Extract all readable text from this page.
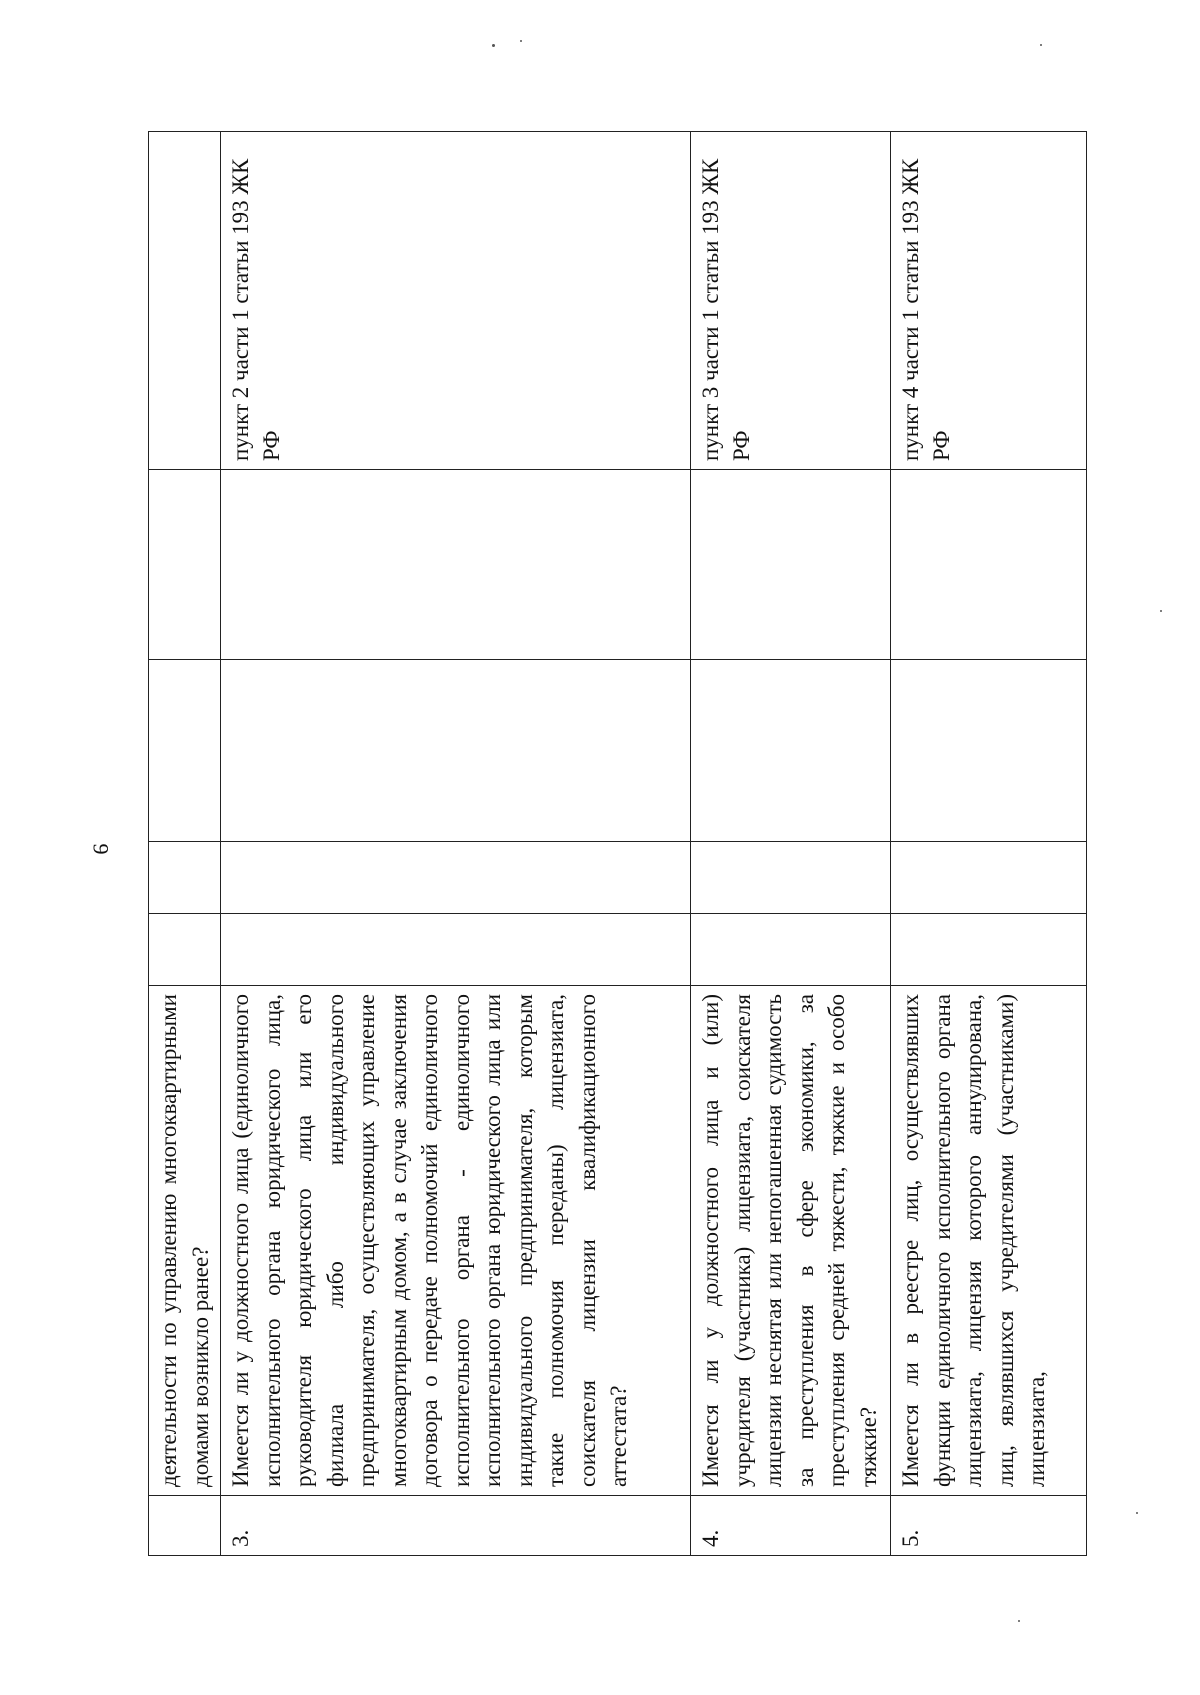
9
	деятельности по управлению многоквартирными домами возникло ранее?					
3.	Имеется ли у должностного лица (единоличного исполнительного органа юридического лица, руководителя юридического лица или его филиала либо индивидуального предпринимателя, осуществляющих управление многоквартирным домом, а в случае заключения договора о передаче полномочий единоличного исполнительного органа - единоличного исполнительного органа юридического лица или индивидуального предпринимателя, которым такие полномочия переданы) лицензиата, соискателя лицензии квалификационного аттестата?					пункт 2 части 1 статьи 193 ЖК РФ
4.	Имеется ли у должностного лица и (или) учредителя (участника) лицензиата, соискателя лицензии неснятая или непогашенная судимость за преступления в сфере экономики, за преступления средней тяжести, тяжкие и особо тяжкие?					пункт 3 части 1 статьи 193 ЖК РФ
5.	Имеется ли в реестре лиц, осуществлявших функции единоличного исполнительного органа лицензиата, лицензия которого аннулирована, лиц, являвшихся учредителями (участниками) лицензиата,					пункт 4 части 1 статьи 193 ЖК РФ
